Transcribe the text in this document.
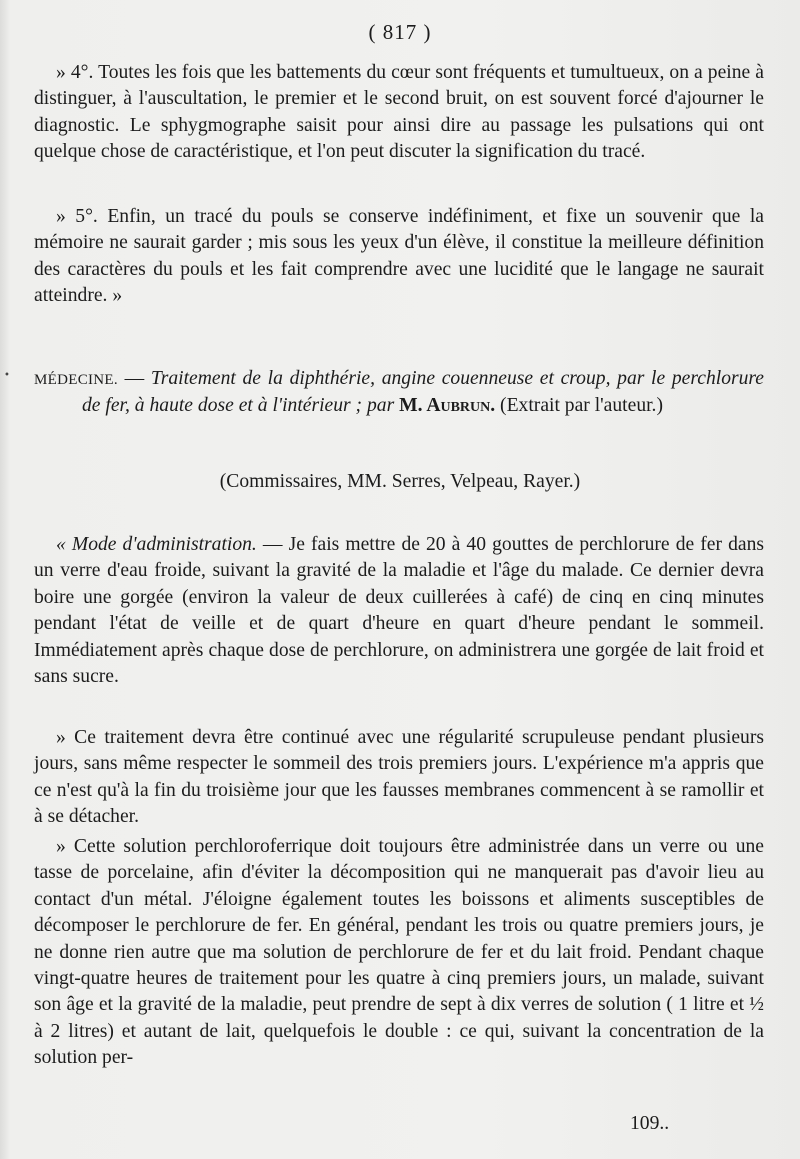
( 817 )

» 4°. Toutes les fois que les battements du cœur sont fréquents et tumultueux, on a peine à distinguer, à l'auscultation, le premier et le second bruit, on est souvent forcé d'ajourner le diagnostic. Le sphygmographe saisit pour ainsi dire au passage les pulsations qui ont quelque chose de caractéristique, et l'on peut discuter la signification du tracé.

» 5°. Enfin, un tracé du pouls se conserve indéfiniment, et fixe un souvenir que la mémoire ne saurait garder ; mis sous les yeux d'un élève, il constitue la meilleure définition des caractères du pouls et les fait comprendre avec une lucidité que le langage ne saurait atteindre. »

• MÉDECINE. — Traitement de la diphthérie, angine couenneuse et croup, par le perchlorure de fer, à haute dose et à l'intérieur ; par M. Aubrun. (Extrait par l'auteur.)
(Commissaires, MM. Serres, Velpeau, Rayer.)

« Mode d'administration. — Je fais mettre de 20 à 40 gouttes de perchlorure de fer dans un verre d'eau froide, suivant la gravité de la maladie et l'âge du malade. Ce dernier devra boire une gorgée (environ la valeur de deux cuillerées à café) de cinq en cinq minutes pendant l'état de veille et de quart d'heure en quart d'heure pendant le sommeil. Immédiatement après chaque dose de perchlorure, on administrera une gorgée de lait froid et sans sucre.

» Ce traitement devra être continué avec une régularité scrupuleuse pendant plusieurs jours, sans même respecter le sommeil des trois premiers jours. L'expérience m'a appris que ce n'est qu'à la fin du troisième jour que les fausses membranes commencent à se ramollir et à se détacher.

» Cette solution perchloroferrique doit toujours être administrée dans un verre ou une tasse de porcelaine, afin d'éviter la décomposition qui ne manquerait pas d'avoir lieu au contact d'un métal. J'éloigne également toutes les boissons et aliments susceptibles de décomposer le perchlorure de fer. En général, pendant les trois ou quatre premiers jours, je ne donne rien autre que ma solution de perchlorure de fer et du lait froid. Pendant chaque vingt-quatre heures de traitement pour les quatre à cinq premiers jours, un malade, suivant son âge et la gravité de la maladie, peut prendre de sept à dix verres de solution ( 1 litre et ½ à 2 litres) et autant de lait, quelquefois le double : ce qui, suivant la concentration de la solution per-

109..
